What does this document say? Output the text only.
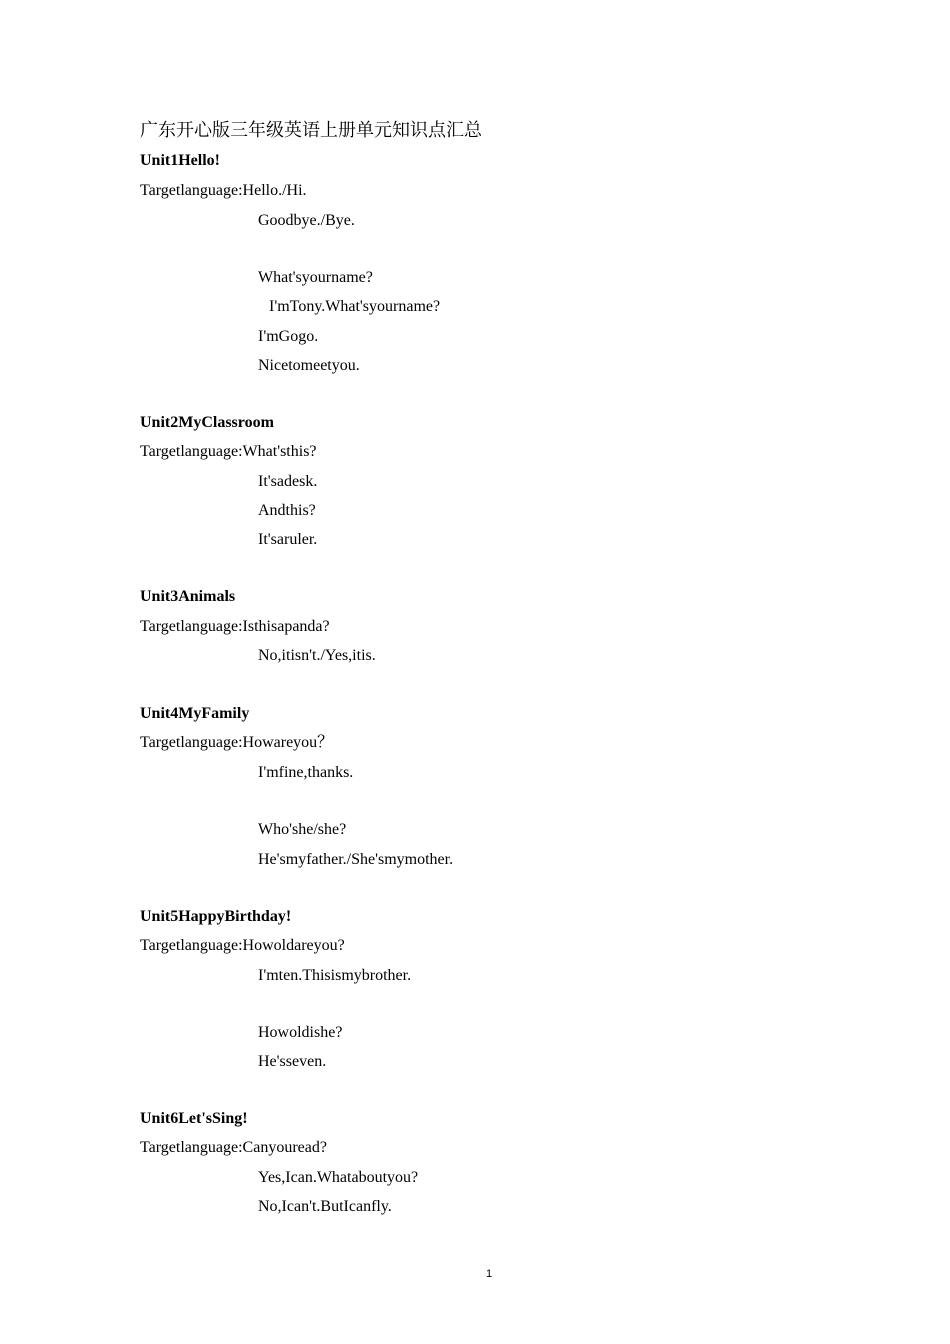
广东开心版三年级英语上册单元知识点汇总
Unit1Hello!
Targetlanguage:Hello./Hi.
Goodbye./Bye.
What'syourname?
I'mTony.What'syourname?
I'mGogo.
Nicetomeetyou.
Unit2MyClassroom
Targetlanguage:What'sthis?
It'sadesk.
Andthis?
It'saruler.
Unit3Animals
Targetlanguage:Isthisapanda?
No,itisn't./Yes,itis.
Unit4MyFamily
Targetlanguage:Howareyou？
I'mfine,thanks.
Who'she/she?
He'smyfather./She'smymother.
Unit5HappyBirthday!
Targetlanguage:Howoldareyou?
I'mten.Thisismybrother.
Howoldishe?
He'sseven.
Unit6Let'sSing!
Targetlanguage:Canyouread?
Yes,Ican.Whataboutyou?
No,Ican't.ButIcanfly.
1
